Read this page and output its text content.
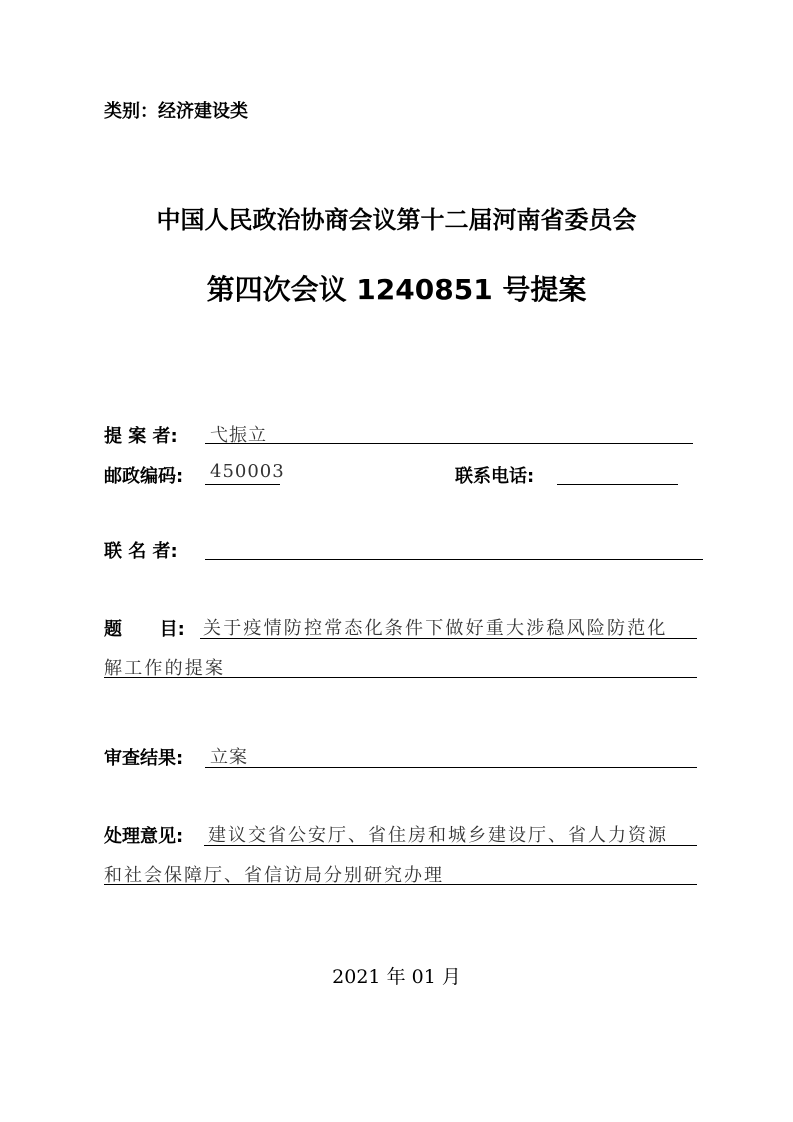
类别：经济建设类
中国人民政治协商会议第十二届河南省委员会
第四次会议 1240851 号提案
提 案 者: 弋振立
邮政编码: 450003	联系电话:
联 名 者:
题      目: 关于疫情防控常态化条件下做好重大涉稳风险防范化
解工作的提案
审查结果: 立案
处理意见: 建议交省公安厅、省住房和城乡建设厅、省人力资源
和社会保障厅、省信访局分别研究办理
2021 年 01 月
